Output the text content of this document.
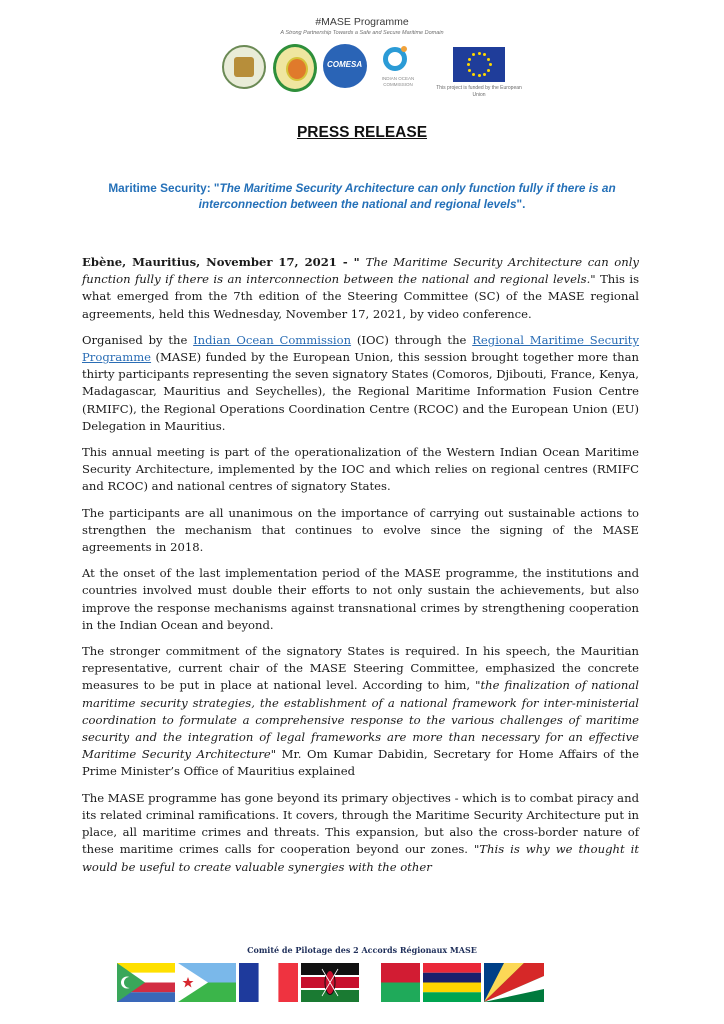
#MASE Programme
A Strong Partnership Towards a Safe and Secure Maritime Domain
COMESA
INDIAN OCEAN COMMISSION
This project is funded by the European Union
PRESS RELEASE
Maritime Security: "The Maritime Security Architecture can only function fully if there is an interconnection between the national and regional levels".

Ebène, Mauritius, November 17, 2021 - " The Maritime Security Architecture can only function fully if there is an interconnection between the national and regional levels." This is what emerged from the 7th edition of the Steering Committee (SC) of the MASE regional agreements, held this Wednesday, November 17, 2021, by video conference.

Organised by the Indian Ocean Commission (IOC) through the Regional Maritime Security Programme (MASE) funded by the European Union, this session brought together more than thirty participants representing the seven signatory States (Comoros, Djibouti, France, Kenya, Madagascar, Mauritius and Seychelles), the Regional Maritime Information Fusion Centre (RMIFC), the Regional Operations Coordination Centre (RCOC) and the European Union (EU) Delegation in Mauritius.

This annual meeting is part of the operationalization of the Western Indian Ocean Maritime Security Architecture, implemented by the IOC and which relies on regional centres (RMIFC and RCOC) and national centres of signatory States.

The participants are all unanimous on the importance of carrying out sustainable actions to strengthen the mechanism that continues to evolve since the signing of the MASE agreements in 2018.

At the onset of the last implementation period of the MASE programme, the institutions and countries involved must double their efforts to not only sustain the achievements, but also improve the response mechanisms against transnational crimes by strengthening cooperation in the Indian Ocean and beyond.

The stronger commitment of the signatory States is required. In his speech, the Mauritian representative, current chair of the MASE Steering Committee, emphasized the concrete measures to be put in place at national level. According to him, "the finalization of national maritime security strategies, the establishment of a national framework for inter-ministerial coordination to formulate a comprehensive response to the various challenges of maritime security and the integration of legal frameworks are more than necessary for an effective Maritime Security Architecture" Mr. Om Kumar Dabidin, Secretary for Home Affairs of the Prime Minister’s Office of Mauritius explained

The MASE programme has gone beyond its primary objectives - which is to combat piracy and its related criminal ramifications. It covers, through the Maritime Security Architecture put in place, all maritime crimes and threats. This expansion, but also the cross-border nature of these maritime crimes calls for cooperation beyond our zones. "This is why we thought it would be useful to create valuable synergies with the other

Comité de Pilotage des 2 Accords Régionaux MASE
